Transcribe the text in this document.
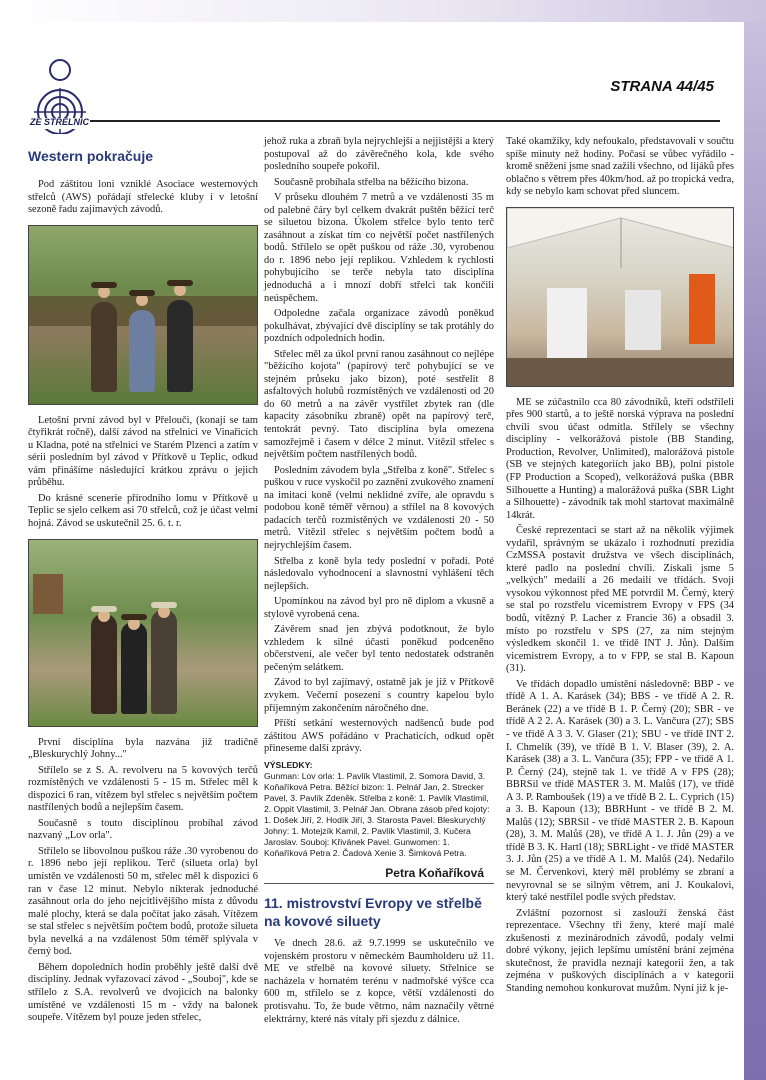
ZE STŘELNIC
STRANA 44/45
Western pokračuje

Pod záštitou loni vzniklé Asociace westernových střelců (AWS) pořádají střelecké kluby i v letošní sezoně řadu zajímavých závodů.

Letošní první závod byl v Přelouči, (konají se tam čtyřikrát ročně), další závod na střelnici ve Vinařicích u Kladna, poté na střelnici ve Starém Plzenci a zatím v sérii posledním byl závod v Přítkově u Teplic, odkud vám přinášíme následující krátkou zprávu o jejich průběhu.

Do krásné scenerie přírodního lomu v Přítkově u Teplic se sjelo celkem asi 70 střelců, což je účast velmi hojná. Závod se uskutečnil 25. 6. t. r.

První disciplína byla nazvána již tradičně „Bleskurychlý Johny..."

Střílelo se z S. A. revolveru na 5 kovových terčů rozmístěných ve vzdálenosti 5 - 15 m. Střelec měl k dispozici 6 ran, vítězem byl střelec s největším počtem nastřílených bodů a nejlepším časem.

Současně s touto disciplínou probíhal závod nazvaný „Lov orla".

Střílelo se libovolnou puškou ráže .30 vyrobenou do r. 1896 nebo její replikou. Terč (silueta orla) byl umístěn ve vzdálenosti 50 m, střelec měl k dispozici 6 ran v čase 12 minut. Nebylo nikterak jednoduché zasáhnout orla do jeho nejcitlivějšího místa z důvodu malé plochy, která se dala počítat jako zásah. Vítězem se stal střelec s největším počtem bodů, protože silueta byla nevelká a na vzdálenost 50m téměř splývala v černý bod.

Během dopoledních hodin proběhly ještě další dvě disciplíny. Jednak vyřazovací závod - „Souboj", kde se střílelo z S.A. revolverů ve dvojicích na balonky umístěné ve vzdálenosti 15 m - vždy na balonek soupeře. Vítězem byl pouze jeden střelec,

jehož ruka a zbraň byla nejrychlejší a nejjistější a který postupoval až do závěrečného kola, kde svého posledního soupeře pokořil.

Současně probíhala střelba na běžícího bizona.

V průseku dlouhém 7 metrů a ve vzdálenosti 35 m od palebné čáry byl celkem dvakrát puštěn běžící terč se siluetou bizona. Úkolem střelce bylo tento terč zasáhnout a získat tím co největší počet nastřílených bodů. Střílelo se opět puškou od ráže .30, vyrobenou do r. 1896 nebo její replikou. Vzhledem k rychlosti pohybujícího se terče nebyla tato disciplína jednoduchá a i mnozí dobří střelci tak končili neúspěchem.

Odpoledne začala organizace závodů poněkud pokulhávat, zbývající dvě disciplíny se tak protáhly do pozdních odpoledních hodin.

Střelec měl za úkol první ranou zasáhnout co nejlépe "běžícího kojota" (papírový terč pohybující se ve stejném průseku jako bizon), poté sestřelit 8 asfaltových holubů rozmístěných ve vzdálenosti od 20 do 60 metrů a na závěr vystřílet zbytek ran (dle kapacity zásobníku zbraně) opět na papírový terč, tentokrát pevný. Tato disciplína byla omezena samozřejmě i časem v délce 2 minut. Vítězil střelec s největším počtem nastřílených bodů.

Posledním závodem byla „Střelba z koně". Střelec s puškou v ruce vyskočil po zaznění zvukového znamení na imitaci koně (velmi neklidné zvíře, ale opravdu s podobou koně téměř věrnou) a střílel na 8 kovových padacích terčů rozmístěných ve vzdálenosti 20 - 50 metrů. Vítězil střelec s největším počtem bodů a nejrychlejším časem.

Střelba z koně byla tedy poslední v pořadí. Poté následovalo vyhodnocení a slavnostní vyhlášení těch nejlepších.

Upomínkou na závod byl pro ně diplom a vkusně a stylově vyrobená cena.

Závěrem snad jen zbývá podotknout, že bylo vzhledem k silné účasti poněkud podceněno občerstvení, ale večer byl tento nedostatek odstraněn pečeným selátkem.

Závod to byl zajímavý, ostatně jak je již v Přítkově zvykem. Večerní posezení s country kapelou bylo příjemným zakončením náročného dne.

Příští setkání westernových nadšenců bude pod záštitou AWS pořádáno v Prachaticích, odkud opět přineseme další zprávy.

VÝSLEDKY:
Gunman: Lov orla: 1. Pavlík Vlastimil, 2. Somora David, 3. Koňaříková Petra. Běžící bizon: 1. Pelnář Jan, 2. Strecker Pavel, 3. Pavlík Zdeněk. Střelba z koně: 1. Pavlík Vlastimil, 2. Oppit Vlastimil, 3. Pelnář Jan. Obrana zásob před kojoty: 1. Došek Jiří, 2. Hodík Jiří, 3. Starosta Pavel. Bleskurychlý Johny: 1. Motejzík Kamil, 2. Pavlík Vlastimil, 3. Kučera Jaroslav. Souboj: Křivánek Pavel. Gunwomen: 1. Koňaříková Petra 2. Čadová Xenie 3. Šimková Petra.
Petra Koňaříková
11. mistrovství Evropy ve střelbě na kovové siluety

Ve dnech 28.6. až 9.7.1999 se uskutečnilo ve vojenském prostoru v německém Baumholderu už 11. ME ve střelbě na kovové siluety. Střelnice se nacházela v hornatém terénu v nadmořské výšce cca 600 m, střílelo se z kopce, větší vzdálenosti do protisvahu. To, že bude větrno, nám naznačily větrné elektrárny, které nás vítaly při sjezdu z dálnice.

Také okamžiky, kdy nefoukalo, představovali v součtu spíše minuty než hodiny. Počasí se vůbec vyřádilo - kromě sněžení jsme snad zažili všechno, od lijáků přes oblačno s větrem přes 40km/hod. až po tropická vedra, kdy se nebylo kam schovat před sluncem.

ME se zúčastnilo cca 80 závodníků, kteří odstříleli přes 900 startů, a to ještě norská výprava na poslední chvíli svou účast odmítla. Střílely se všechny disciplíny - velkorážová pistole (BB Standing, Production, Revolver, Unlimited), malorážová pistole (SB ve stejných kategoriích jako BB), polní pistole (FP Production a Scoped), velkorážová puška (BBR Silhouette a Hunting) a malorážová puška (SBR Light a Silhouette) - závodník tak mohl startovat maximálně 14krát.

České reprezentaci se start až na několik výjimek vydařil, správným se ukázalo i rozhodnutí prezidia CzMSSA postavit družstva ve všech disciplínách, které padlo na poslední chvíli. Získali jsme 5 „velkých" medailí a 26 medailí ve třídách. Svoji vysokou výkonnost před ME potvrdil M. Černý, který se stal po rozstřelu vicemistrem Evropy v FPS (34 bodů, vítězný P. Lacher z Francie 36) a obsadil 3. místo po rozstřelu v SPS (27, za ním stejným výsledkem skončil 1. ve třídě INT J. Jůn). Dalším vicemistrem Evropy, a to v FPP, se stal B. Kapoun (31).

Ve třídách dopadlo umístění následovně: BBP - ve třídě A 1. A. Karásek (34); BBS - ve třídě A 2. R. Beránek (22) a ve třídě B 1. P. Černý (20); SBR - ve třídě A 2 2. A. Karásek (30) a 3. L. Vančura (27); SBS - ve třídě A 3 3. V. Glaser (21); SBU - ve třídě INT 2. I. Chmelík (39), ve třídě B 1. V. Blaser (39), 2. A. Karásek (38) a 3. L. Vančura (35); FPP - ve třídě A 1. P. Černý (24), stejně tak 1. ve třídě A v FPS (28); BBRSil ve třídě MASTER 3. M. Malůš (17), ve třídě A 3. P. Ramboušek (19) a ve třídě B 2. L. Cyprich (15) a 3. B. Kapoun (13); BBRHunt - ve třídě B 2. M. Malůš (12); SBRSil - ve třídě MASTER 2. B. Kapoun (28), 3. M. Malůš (28), ve třídě A 1. J. Jůn (29) a ve třídě B 3. K. Hartl (18); SBRLight - ve třídě MASTER 3. J. Jůn (25) a ve třídě A 1. M. Malůš (24). Nedařilo se M. Červenkovi, který měl problémy se zbraní a nevyrovnal se se silným větrem, ani J. Koukalovi, který také nestřílel podle svých představ.

Zvláštní pozornost si zaslouží ženská část reprezentace. Všechny tři ženy, které mají malé zkušenosti z mezinárodních závodů, podaly velmi dobré výkony, jejich lepšímu umístění brání zejména skutečnost, že pravidla neznají kategorii žen, a tak zejména v puškových disciplínách a v kategorii Standing nemohou konkurovat mužům. Nyní již k je-
